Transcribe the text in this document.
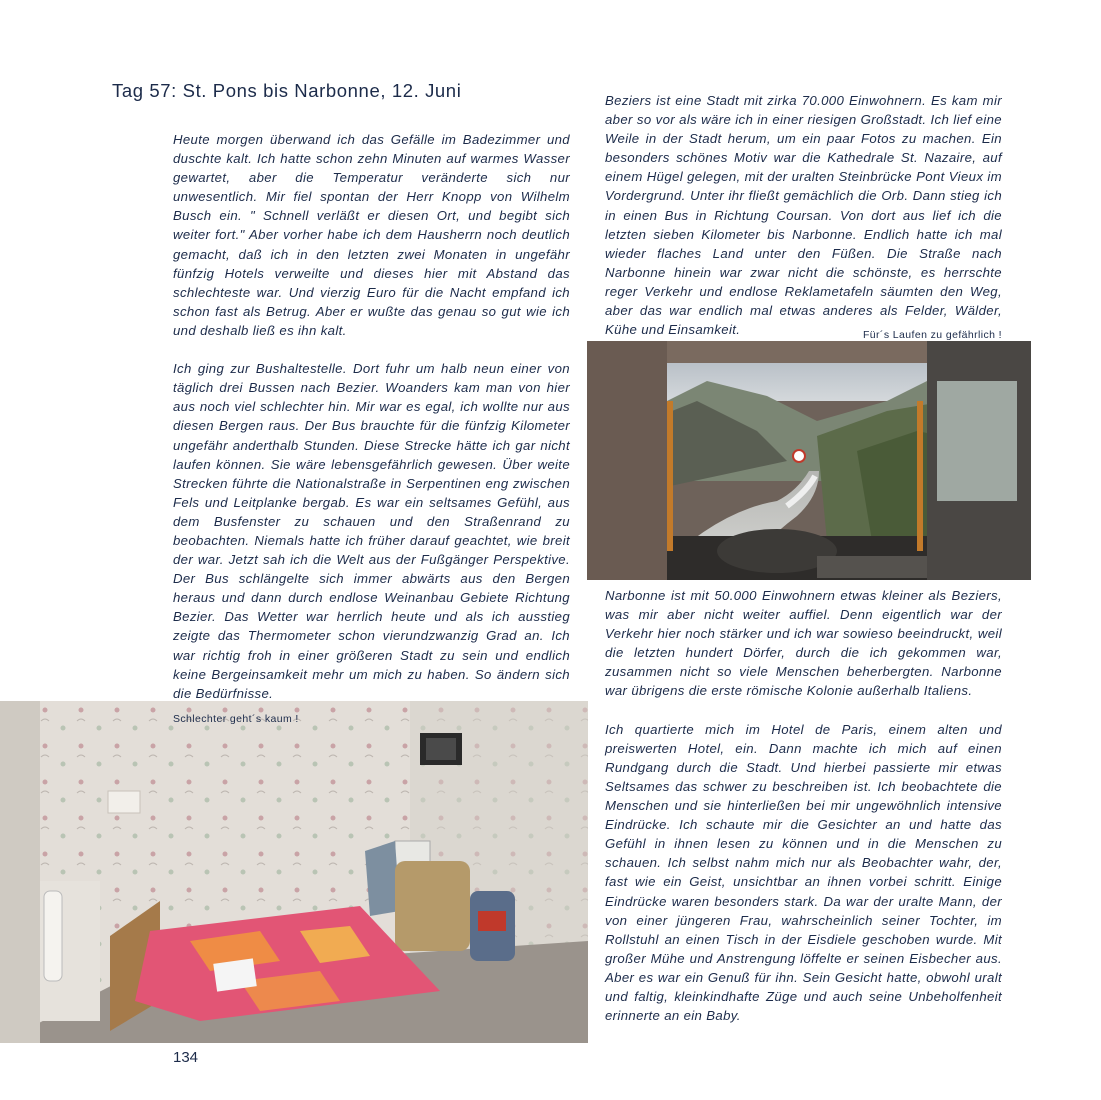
Tag 57: St. Pons bis Narbonne, 12. Juni

Heute morgen überwand ich das Gefälle im Badezimmer und duschte kalt. Ich hatte schon zehn Minuten auf warmes Wasser gewartet, aber die Temperatur veränderte sich nur unwesentlich. Mir fiel spontan der Herr Knopp von Wilhelm Busch ein. " Schnell verläßt er diesen Ort, und begibt sich weiter fort." Aber vorher habe ich dem Hausherrn noch deutlich gemacht, daß ich in den letzten zwei Monaten in ungefähr fünfzig Hotels verweilte und dieses hier mit Abstand das schlechteste war. Und vierzig Euro für die Nacht empfand ich schon fast als Betrug. Aber er wußte das genau so gut wie ich und deshalb ließ es ihn kalt.

Ich ging zur Bushaltestelle. Dort fuhr um halb neun einer von täglich drei Bussen nach Bezier. Woanders kam man von hier aus noch viel schlechter hin. Mir war es egal, ich wollte nur aus diesen Bergen raus. Der Bus brauchte für die fünfzig Kilometer ungefähr anderthalb Stunden. Diese Strecke hätte ich gar nicht laufen können. Sie wäre lebensgefährlich gewesen. Über weite Strecken führte die Nationalstraße in Serpentinen eng zwischen Fels und Leitplanke bergab. Es war ein seltsames Gefühl, aus dem Busfenster zu schauen und den Straßenrand zu beobachten. Niemals hatte ich früher darauf geachtet, wie breit der war. Jetzt sah ich die Welt aus der Fußgänger Perspektive. Der Bus schlängelte sich immer abwärts aus den Bergen heraus und dann durch endlose Weinanbau Gebiete Richtung Bezier. Das Wetter war herrlich heute und als ich ausstieg zeigte das Thermometer schon vierundzwanzig Grad an. Ich war richtig froh in einer größeren Stadt zu sein und endlich keine Bergeinsamkeit mehr um mich zu haben. So ändern sich die Bedürfnisse.

Beziers ist eine Stadt mit zirka 70.000 Einwohnern. Es kam mir aber so vor als wäre ich in einer riesigen Großstadt. Ich lief eine Weile in der Stadt herum, um ein paar Fotos zu machen. Ein besonders schönes Motiv war die Kathedrale St. Nazaire, auf einem Hügel gelegen, mit der uralten Steinbrücke Pont Vieux im Vordergrund. Unter ihr fließt gemächlich die Orb. Dann stieg ich in einen Bus in Richtung Coursan. Von dort aus lief ich die letzten sieben Kilometer bis Narbonne. Endlich hatte ich mal wieder flaches Land unter den Füßen. Die Straße nach Narbonne hinein war zwar nicht die schönste, es herrschte reger Verkehr und endlose Reklametafeln säumten den Weg, aber das war endlich mal etwas anderes als Felder, Wälder, Kühe und Einsamkeit.	Für´s Laufen zu gefährlich !

Narbonne ist mit 50.000 Einwohnern etwas kleiner als Beziers, was mir aber nicht weiter auffiel. Denn eigentlich war der Verkehr hier noch stärker und ich war sowieso beeindruckt, weil die letzten hundert Dörfer, durch die ich gekommen war, zusammen nicht so viele Menschen beherbergten. Narbonne war übrigens die erste römische Kolonie außerhalb Italiens.

Ich quartierte mich im Hotel de Paris, einem alten und preiswerten Hotel, ein. Dann machte ich mich auf einen Rundgang durch die Stadt. Und hierbei passierte mir etwas Seltsames das schwer zu beschreiben ist. Ich beobachtete die Menschen und sie hinterließen bei mir ungewöhnlich intensive Eindrücke. Ich schaute mir die Gesichter an und hatte das Gefühl in ihnen lesen zu können und in die Menschen zu schauen. Ich selbst nahm mich nur als Beobachter wahr, der, fast wie ein Geist, unsichtbar an ihnen vorbei schritt. Einige Eindrücke waren besonders stark. Da war der uralte Mann, der von einer jüngeren Frau, wahrscheinlich seiner Tochter, im Rollstuhl an einen Tisch in der Eisdiele geschoben wurde. Mit großer Mühe und Anstrengung löffelte er seinen Eisbecher aus. Aber es war ein Genuß für ihn. Sein Gesicht hatte, obwohl uralt und faltig, kleinkindhafte Züge und auch seine Unbeholfenheit erinnerte an ein Baby.

Schlechter geht´s kaum !
134
